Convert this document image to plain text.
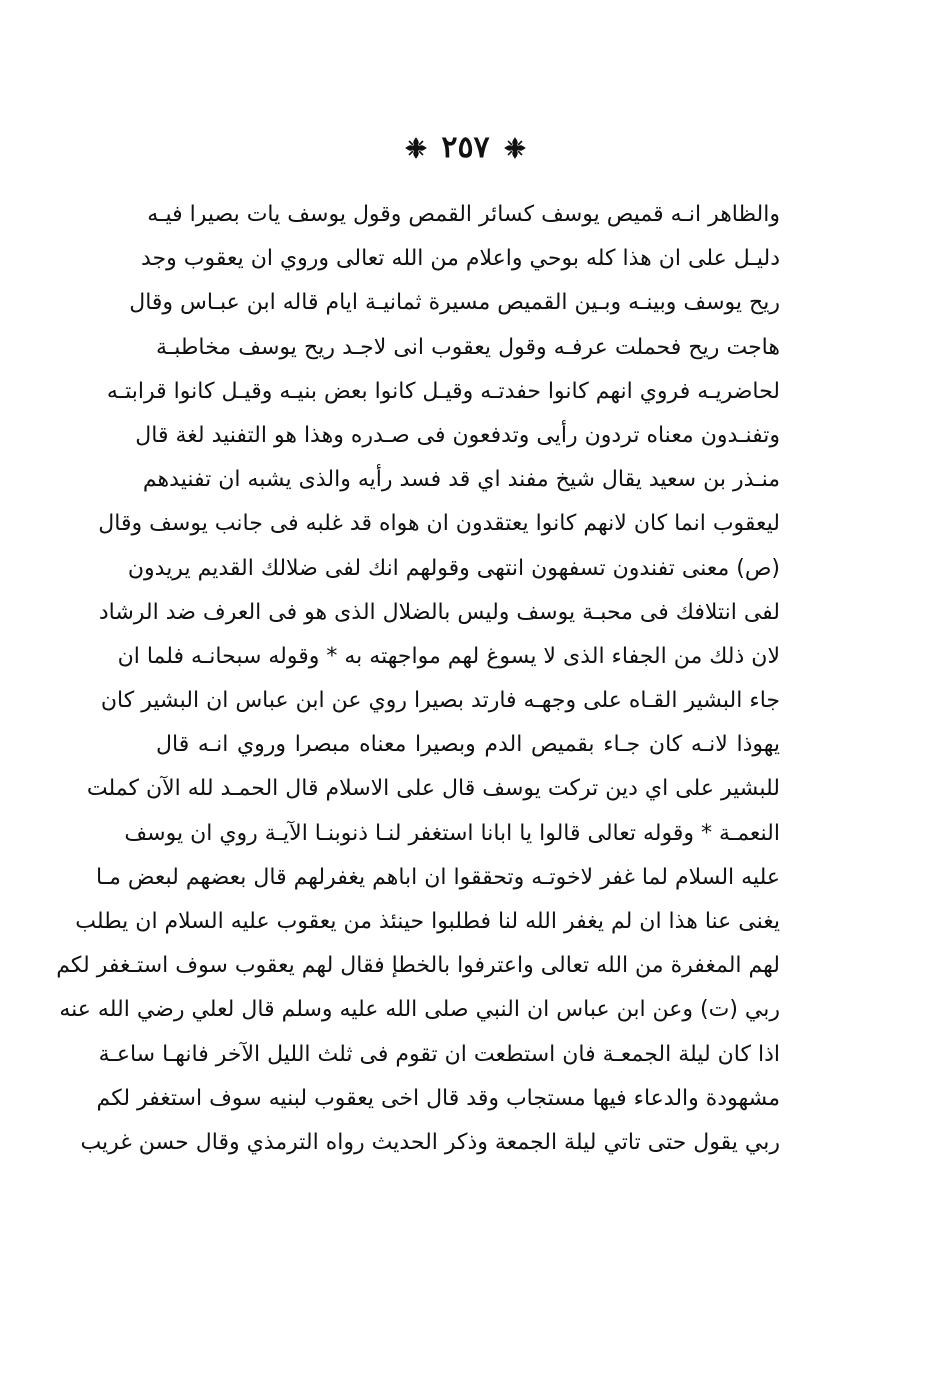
٢٥٧
والظاهر انـه قميص يوسف كسائر القمص وقول يوسف يات بصيرا فيـه
دليـل على ان هذا كله بوحي واعلام من الله تعالى وروي ان يعقوب وجد
ريح يوسف وبينـه وبـين القميص مسيرة ثمانيـة ايام قاله ابن عبـاس وقال
هاجت ريح فحملت عرفـه وقول يعقوب انى لاجـد ريح يوسف مخاطبـة
لحاضريـه فروي انهم كانوا حفدتـه وقيـل كانوا بعض بنيـه وقيـل كانوا قرابتـه
وتفنـدون معناه تردون رأيى وتدفعون فى صـدره وهذا هو التفنيد لغة قال
منـذر بن سعيد يقال شيخ مفند اي قد فسد رأيه والذى يشبه ان تفنيدهم
ليعقوب انما كان لانهم كانوا يعتقدون ان هواه قد غلبه فى جانب يوسف وقال
(ص) معنى تفندون تسفهون انتهى وقولهم انك لفى ضلالك القديم يريدون
لفى انتلافك فى محبـة يوسف وليس بالضلال الذى هو فى العرف ضد الرشاد
لان ذلك من الجفاء الذى لا يسوغ لهم مواجهته به * وقوله سبحانـه فلما ان
جاء البشير القـاه على وجهـه فارتد بصيرا روي عن ابن عباس ان البشير كان
يهوذا لانـه كان جـاء بقميص الدم وبصيرا معناه مبصرا وروي انـه قال
للبشير على اي دين تركت يوسف قال على الاسلام قال الحمـد لله الآن كملت
النعمـة * وقوله تعالى قالوا يا ابانا استغفر لنـا ذنوبنـا الآيـة روي ان يوسف
عليه السلام لما غفر لاخوتـه وتحققوا ان اباهم يغفرلهم قال بعضهم لبعض مـا
يغنى عنا هذا ان لم يغفر الله لنا فطلبوا حينئذ من يعقوب عليه السلام ان يطلب
لهم المغفرة من الله تعالى واعترفوا بالخطإ فقال لهم يعقوب سوف استـغفر لكم
ربي (ت) وعن ابن عباس ان النبي صلى الله عليه وسلم قال لعلي رضي الله عنه
اذا كان ليلة الجمعـة فان استطعت ان تقوم فى ثلث الليل الآخر فانهـا ساعـة
مشهودة والدعاء فيها مستجاب وقد قال اخى يعقوب لبنيه سوف استغفر لكم
ربي يقول حتى تاتي ليلة الجمعة وذكر الحديث رواه الترمذي وقال حسن غريب
